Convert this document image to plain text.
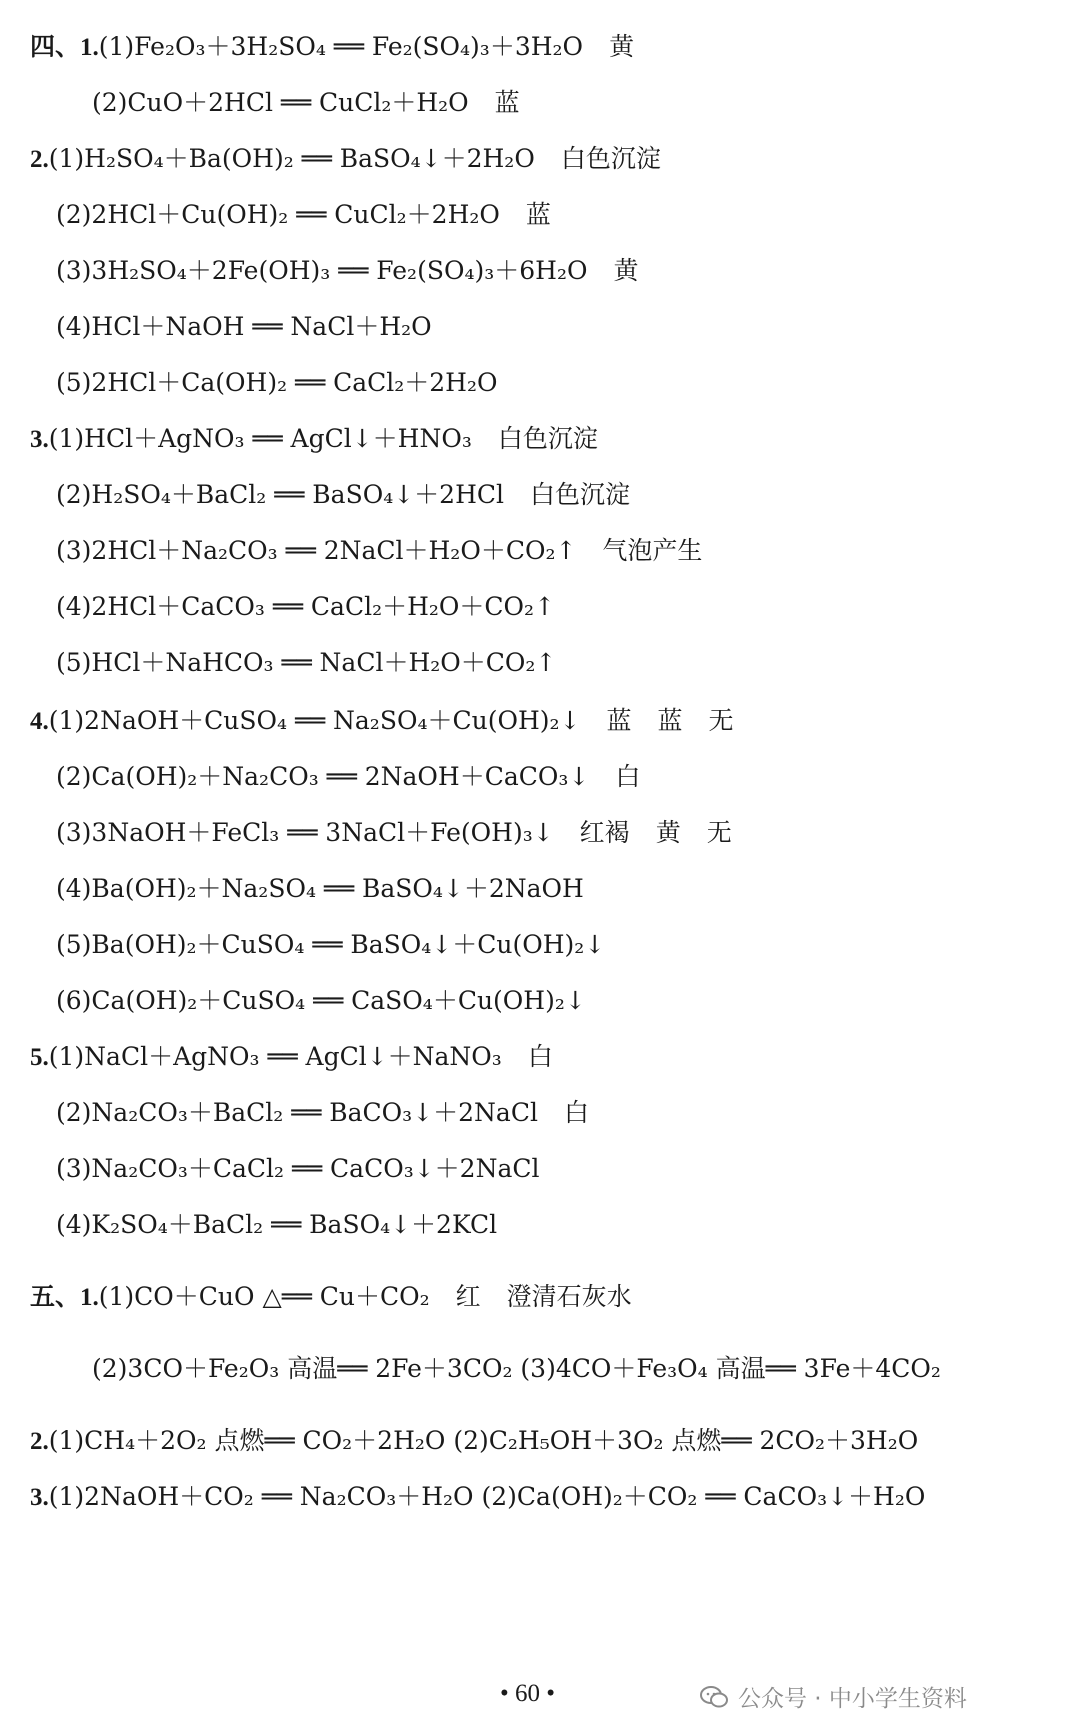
四、1.(1)Fe₂O₃＋3H₂SO₄ ══ Fe₂(SO₄)₃＋3H₂O 黄
(2)CuO＋2HCl ══ CuCl₂＋H₂O 蓝
2.(1)H₂SO₄＋Ba(OH)₂ ══ BaSO₄↓＋2H₂O 白色沉淀
(2)2HCl＋Cu(OH)₂ ══ CuCl₂＋2H₂O 蓝
(3)3H₂SO₄＋2Fe(OH)₃ ══ Fe₂(SO₄)₃＋6H₂O 黄
(4)HCl＋NaOH ══ NaCl＋H₂O
(5)2HCl＋Ca(OH)₂ ══ CaCl₂＋2H₂O
3.(1)HCl＋AgNO₃ ══ AgCl↓＋HNO₃ 白色沉淀
(2)H₂SO₄＋BaCl₂ ══ BaSO₄↓＋2HCl 白色沉淀
(3)2HCl＋Na₂CO₃ ══ 2NaCl＋H₂O＋CO₂↑ 气泡产生
(4)2HCl＋CaCO₃ ══ CaCl₂＋H₂O＋CO₂↑
(5)HCl＋NaHCO₃ ══ NaCl＋H₂O＋CO₂↑
4.(1)2NaOH＋CuSO₄ ══ Na₂SO₄＋Cu(OH)₂↓ 蓝 蓝 无
(2)Ca(OH)₂＋Na₂CO₃ ══ 2NaOH＋CaCO₃↓ 白
(3)3NaOH＋FeCl₃ ══ 3NaCl＋Fe(OH)₃↓ 红褐 黄 无
(4)Ba(OH)₂＋Na₂SO₄ ══ BaSO₄↓＋2NaOH
(5)Ba(OH)₂＋CuSO₄ ══ BaSO₄↓＋Cu(OH)₂↓
(6)Ca(OH)₂＋CuSO₄ ══ CaSO₄＋Cu(OH)₂↓
5.(1)NaCl＋AgNO₃ ══ AgCl↓＋NaNO₃ 白
(2)Na₂CO₃＋BaCl₂ ══ BaCO₃↓＋2NaCl 白
(3)Na₂CO₃＋CaCl₂ ══ CaCO₃↓＋2NaCl
(4)K₂SO₄＋BaCl₂ ══ BaSO₄↓＋2KCl
五、1.(1)CO＋CuO △══ Cu＋CO₂ 红 澄清石灰水
(2)3CO＋Fe₂O₃ 高温══ 2Fe＋3CO₂ (3)4CO＋Fe₃O₄ 高温══ 3Fe＋4CO₂
2.(1)CH₄＋2O₂ 点燃══ CO₂＋2H₂O (2)C₂H₅OH＋3O₂ 点燃══ 2CO₂＋3H₂O
3.(1)2NaOH＋CO₂ ══ Na₂CO₃＋H₂O (2)Ca(OH)₂＋CO₂ ══ CaCO₃↓＋H₂O
• 60 •	公众号 · 中小学生资料
